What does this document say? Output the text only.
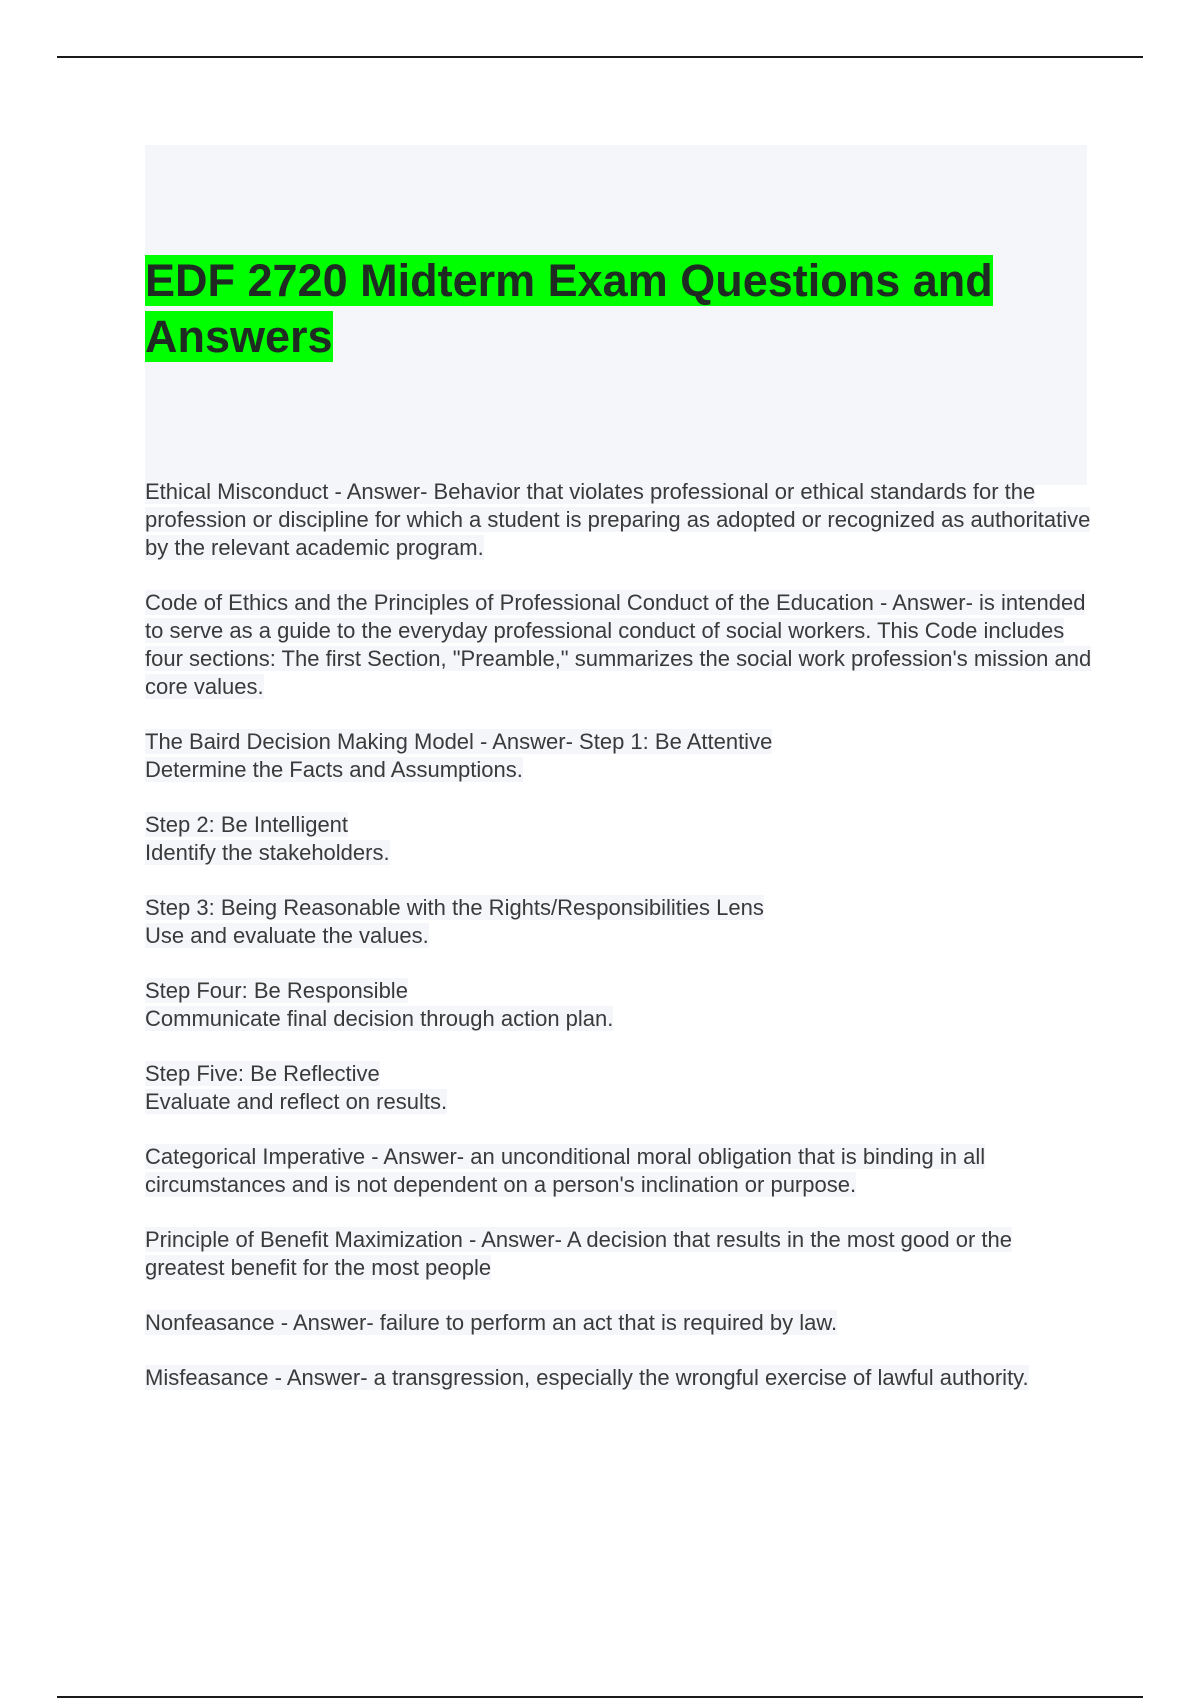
EDF 2720 Midterm Exam Questions and Answers

Ethical Misconduct - Answer- Behavior that violates professional or ethical standards for the profession or discipline for which a student is preparing as adopted or recognized as authoritative by the relevant academic program.

Code of Ethics and the Principles of Professional Conduct of the Education - Answer- is intended to serve as a guide to the everyday professional conduct of social workers. This Code includes four sections: The first Section, "Preamble," summarizes the social work profession's mission and core values.

The Baird Decision Making Model - Answer- Step 1: Be Attentive
Determine the Facts and Assumptions.

Step 2: Be Intelligent
Identify the stakeholders.

Step 3: Being Reasonable with the Rights/Responsibilities Lens
Use and evaluate the values.

Step Four: Be Responsible
Communicate final decision through action plan.

Step Five: Be Reflective
Evaluate and reflect on results.

Categorical Imperative - Answer- an unconditional moral obligation that is binding in all circumstances and is not dependent on a person's inclination or purpose.

Principle of Benefit Maximization - Answer- A decision that results in the most good or the greatest benefit for the most people

Nonfeasance - Answer- failure to perform an act that is required by law.

Misfeasance - Answer- a transgression, especially the wrongful exercise of lawful authority.
